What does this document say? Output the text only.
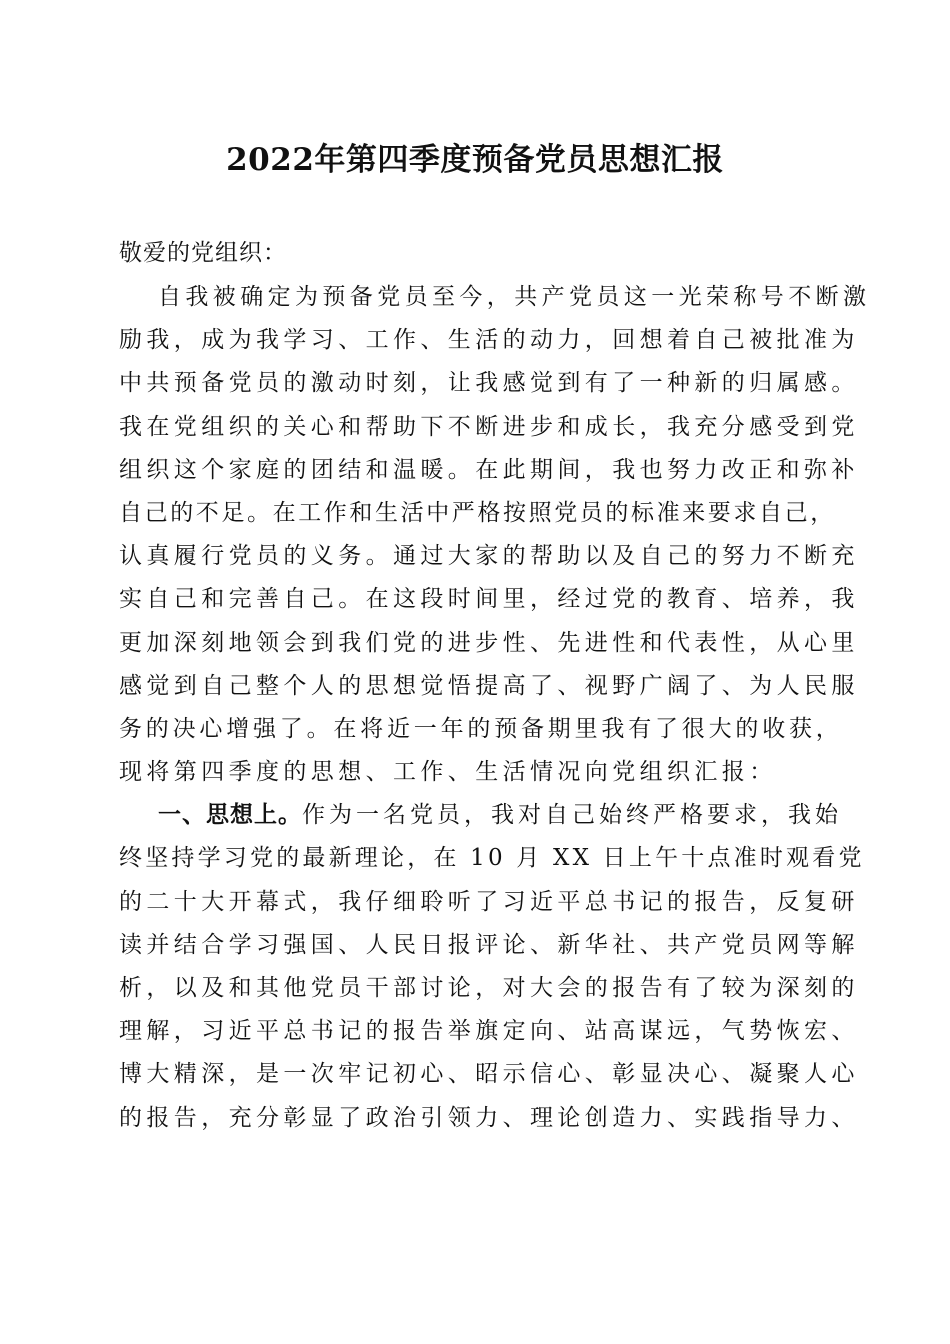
2022年第四季度预备党员思想汇报
敬爱的党组织：
自我被确定为预备党员至今，共产党员这一光荣称号不断激
励我，成为我学习、工作、生活的动力，回想着自己被批准为
中共预备党员的激动时刻，让我感觉到有了一种新的归属感。
我在党组织的关心和帮助下不断进步和成长，我充分感受到党
组织这个家庭的团结和温暖。在此期间，我也努力改正和弥补
自己的不足。在工作和生活中严格按照党员的标准来要求自己，
认真履行党员的义务。通过大家的帮助以及自己的努力不断充
实自己和完善自己。在这段时间里，经过党的教育、培养，我
更加深刻地领会到我们党的进步性、先进性和代表性，从心里
感觉到自己整个人的思想觉悟提高了、视野广阔了、为人民服
务的决心增强了。在将近一年的预备期里我有了很大的收获，
现将第四季度的思想、工作、生活情况向党组织汇报：
一、思想上。作为一名党员，我对自己始终严格要求，我始
终坚持学习党的最新理论，在 10 月 XX 日上午十点准时观看党
的二十大开幕式，我仔细聆听了习近平总书记的报告，反复研
读并结合学习强国、人民日报评论、新华社、共产党员网等解
析，以及和其他党员干部讨论，对大会的报告有了较为深刻的
理解，习近平总书记的报告举旗定向、站高谋远，气势恢宏、
博大精深，是一次牢记初心、昭示信心、彰显决心、凝聚人心
的报告，充分彰显了政治引领力、理论创造力、实践指导力、
